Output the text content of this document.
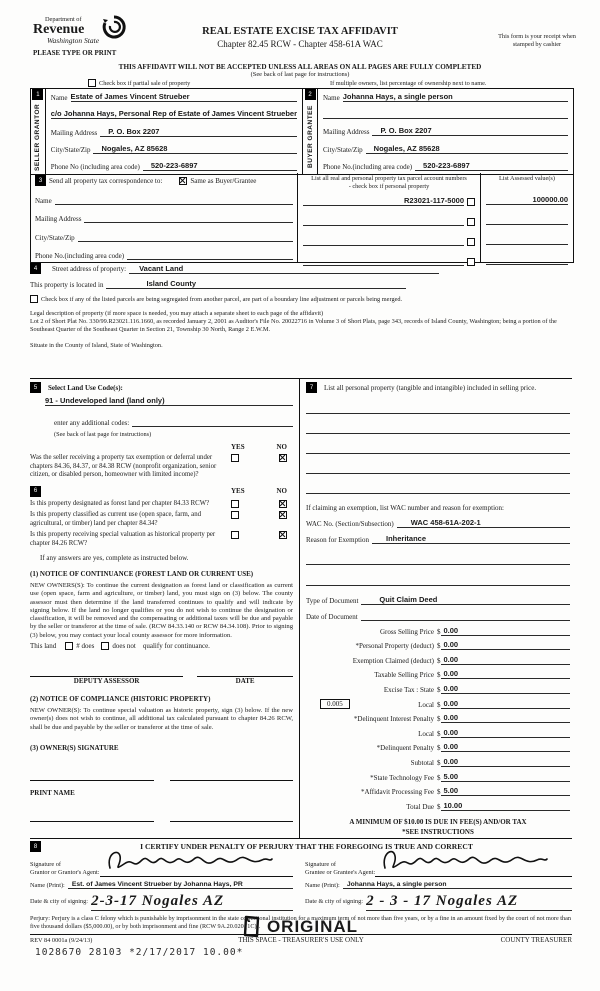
Department of
Revenue
Washington State
PLEASE TYPE OR PRINT
REAL ESTATE EXCISE TAX AFFIDAVIT
Chapter 82.45 RCW - Chapter 458-61A WAC
This form is your receipt when stamped by cashier
THIS AFFIDAVIT WILL NOT BE ACCEPTED UNLESS ALL AREAS ON ALL PAGES ARE FULLY COMPLETED
(See back of last page for instructions)
Check box if partial sale of property	If multiple owners, list percentage of ownership next to name.
1
SELLER GRANTOR
Name Estate of James Vincent Strueber
c/o Johanna Hays, Personal Rep of Estate of James Vincent Strueber
Mailing Address	P. O. Box 2207
City/State/Zip	Nogales, AZ 85628
Phone No (including area code)	520-223-6897
2
BUYER GRANTEE
Name Johanna Hays, a single person
Mailing Address	P. O. Box 2207
City/State/Zip	Nogales, AZ 85628
Phone No.(including area code)	520-223-6897
3 Send all property tax correspondence to:	Same as Buyer/Grantee
Name
Mailing Address
City/State/Zip
Phone No.(including area code)
List all real and personal property tax parcel account numbers
- check box if personal property
R23021-117-5000
List Assessed value(s)
100000.00
4	Street address of property:	Vacant Land
This property is located in	Island County
Check box if any of the listed parcels are being segregated from another parcel, are part of a boundary line adjustment or parcels being merged.
Legal description of property (if more space is needed, you may attach a separate sheet to each page of the affidavit)
Lot 2 of Short Plat No. 330/99.R23021.116.1660, as recorded January 2, 2001 as Auditor's File No. 20022716 in Volume 3 of Short Plats, page 343, records of Island County, Washington; being a portion of the Southeast Quarter of the Southeast Quarter in Section 21, Township 30 North, Range 2 E.W.M.
Situate in the County of Island, State of Washington.
5	Select Land Use Code(s):
91 - Undeveloped land (land only)
enter any additional codes:
(See back of last page for instructions)
YES	NO
Was the seller receiving a property tax exemption or deferral under chapters 84.36, 84.37, or 84.38 RCW (nonprofit organization, senior citizen, or disabled person, homeowner with limited income)?
6	YES	NO
Is this property designated as forest land per chapter 84.33 RCW?
Is this property classified as current use (open space, farm, and agricultural, or timber) land per chapter 84.34?
Is this property receiving special valuation as historical property per chapter 84.26 RCW?
If any answers are yes, complete as instructed below.
(1) NOTICE OF CONTINUANCE (FOREST LAND OR CURRENT USE)
NEW OWNERS(S): To continue the current designation as forest land or classification as current use (open space, farm and agriculture, or timber) land, you must sign on (3) below. The county assessor must then determine if the land transferred continues to qualify and will indicate by signing below. If the land no longer qualifies or you do not wish to continue the designation or classification, it will be removed and the compensating or additional taxes will be due and payable by the seller or transferor at the time of sale. (RCW 84.33.140 or RCW 84.34.108). Prior to signing (3) below, you may contact your local county assessor for more information.
This land	# does	does not qualify for continuance.
DEPUTY ASSESSOR	DATE
(2) NOTICE OF COMPLIANCE (HISTORIC PROPERTY)
NEW OWNER(S): To continue special valuation as historic property, sign (3) below. If the new owner(s) does not wish to continue, all additional tax calculated pursuant to chapter 84.26 RCW, shall be due and payable by the seller or transferor at the time of sale.
(3) OWNER(S) SIGNATURE
PRINT NAME
7	List all personal property (tangible and intangible) included in selling price.
If claiming an exemption, list WAC number and reason for exemption:
WAC No. (Section/Subsection)	WAC 458-61A-202-1
Reason for Exemption	Inheritance
Type of Document	Quit Claim Deed
Date of Document
Gross Selling Price $ 0.00
*Personal Property (deduct) $ 0.00
Exemption Claimed (deduct) $ 0.00
Taxable Selling Price $ 0.00
Excise Tax : State $ 0.00
0.005	Local $ 0.00
*Delinquent Interest Penalty $ 0.00
Local $ 0.00
*Delinquent Penalty $ 0.00
Subtotal $ 0.00
*State Technology Fee $ 5.00
*Affidavit Processing Fee $ 5.00
Total Due $ 10.00
A MINIMUM OF $10.00 IS DUE IN FEE(S) AND/OR TAX
*SEE INSTRUCTIONS
8	I CERTIFY UNDER PENALTY OF PERJURY THAT THE FOREGOING IS TRUE AND CORRECT
Signature of
Grantor or Grantor's Agent:
Name (Print):	Est. of James Vincent Strueber by Johanna Hays, PR
Date & city of signing: 2-3-17 Nogales AZ
Signature of
Grantee or Grantee's Agent:
Name (Print):	Johanna Hays, a single person
Date & city of signing: 2 - 3 - 17 Nogales AZ
Perjury: Perjury is a class C felony which is punishable by imprisonment in the state correctional institution for a maximum term of not more than five years, or by a fine in an amount fixed by the court of not more than five thousand dollars ($5,000.00), or by both imprisonment and fine (RCW 9A.20.020 (1C)).
REV 84 0001a (9/24/13)	THIS SPACE - TREASURER'S USE ONLY	COUNTY TREASURER
ORIGINAL
1028670 28103 *2/17/2017 10.00*
